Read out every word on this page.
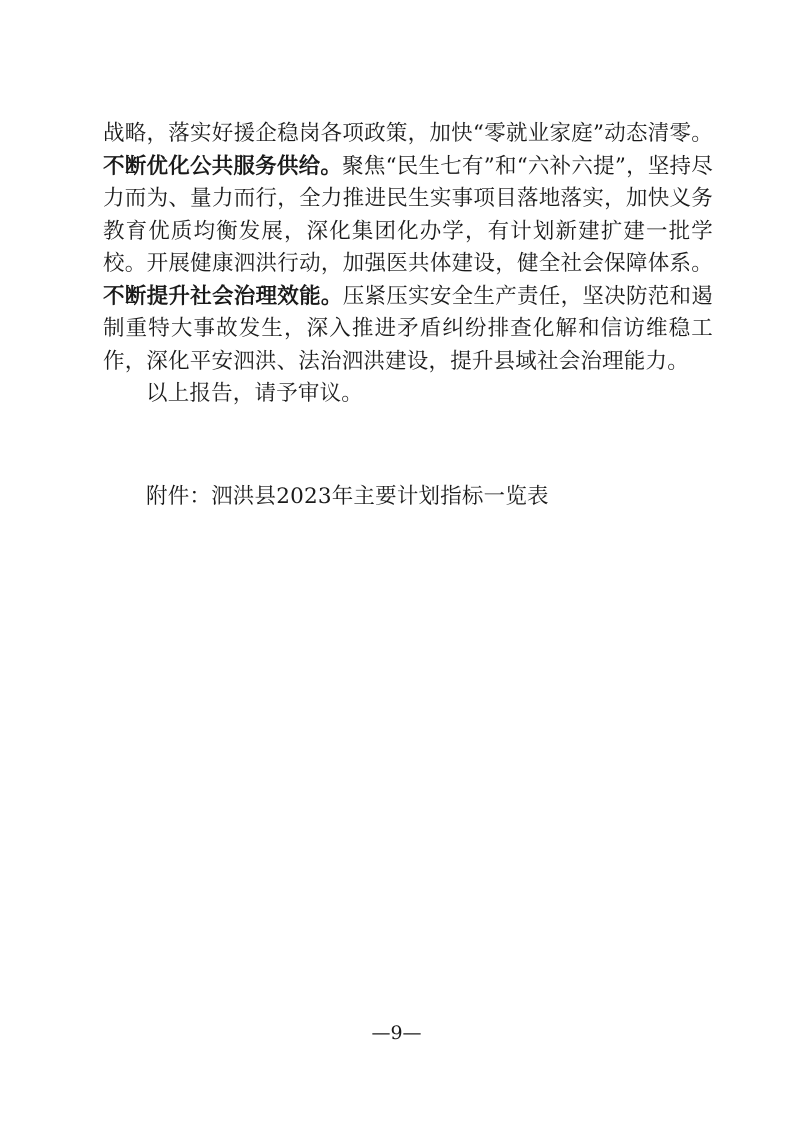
战略，落实好援企稳岗各项政策，加快“零就业家庭”动态清零。不断优化公共服务供给。聚焦“民生七有”和“六补六提”，坚持尽力而为、量力而行，全力推进民生实事项目落地落实，加快义务教育优质均衡发展，深化集团化办学，有计划新建扩建一批学校。开展健康泗洪行动，加强医共体建设，健全社会保障体系。不断提升社会治理效能。压紧压实安全生产责任，坚决防范和遏制重特大事故发生，深入推进矛盾纠纷排查化解和信访维稳工作，深化平安泗洪、法治泗洪建设，提升县域社会治理能力。

以上报告，请予审议。

附件：泗洪县2023年主要计划指标一览表
—9—
